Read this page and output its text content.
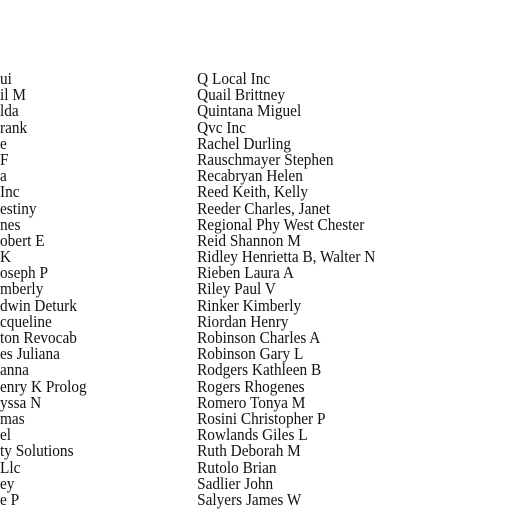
ui
il M
lda
rank
e
F
a
Inc
estiny
nes
obert E
K
oseph P
mberly
dwin Deturk
cqueline
ton Revocab
es Juliana
anna
enry K Prolog
yssa N
mas
el
ty Solutions
Llc
ey
e P
Q Local Inc
Quail Brittney
Quintana Miguel
Qvc Inc
Rachel Durling
Rauschmayer Stephen
Recabryan Helen
Reed Keith, Kelly
Reeder Charles, Janet
Regional Phy West Chester
Reid Shannon M
Ridley Henrietta B, Walter N
Rieben Laura A
Riley Paul V
Rinker Kimberly
Riordan Henry
Robinson Charles A
Robinson Gary L
Rodgers Kathleen B
Rogers Rhogenes
Romero Tonya M
Rosini Christopher P
Rowlands Giles L
Ruth Deborah M
Rutolo Brian
Sadlier John
Salyers James W
